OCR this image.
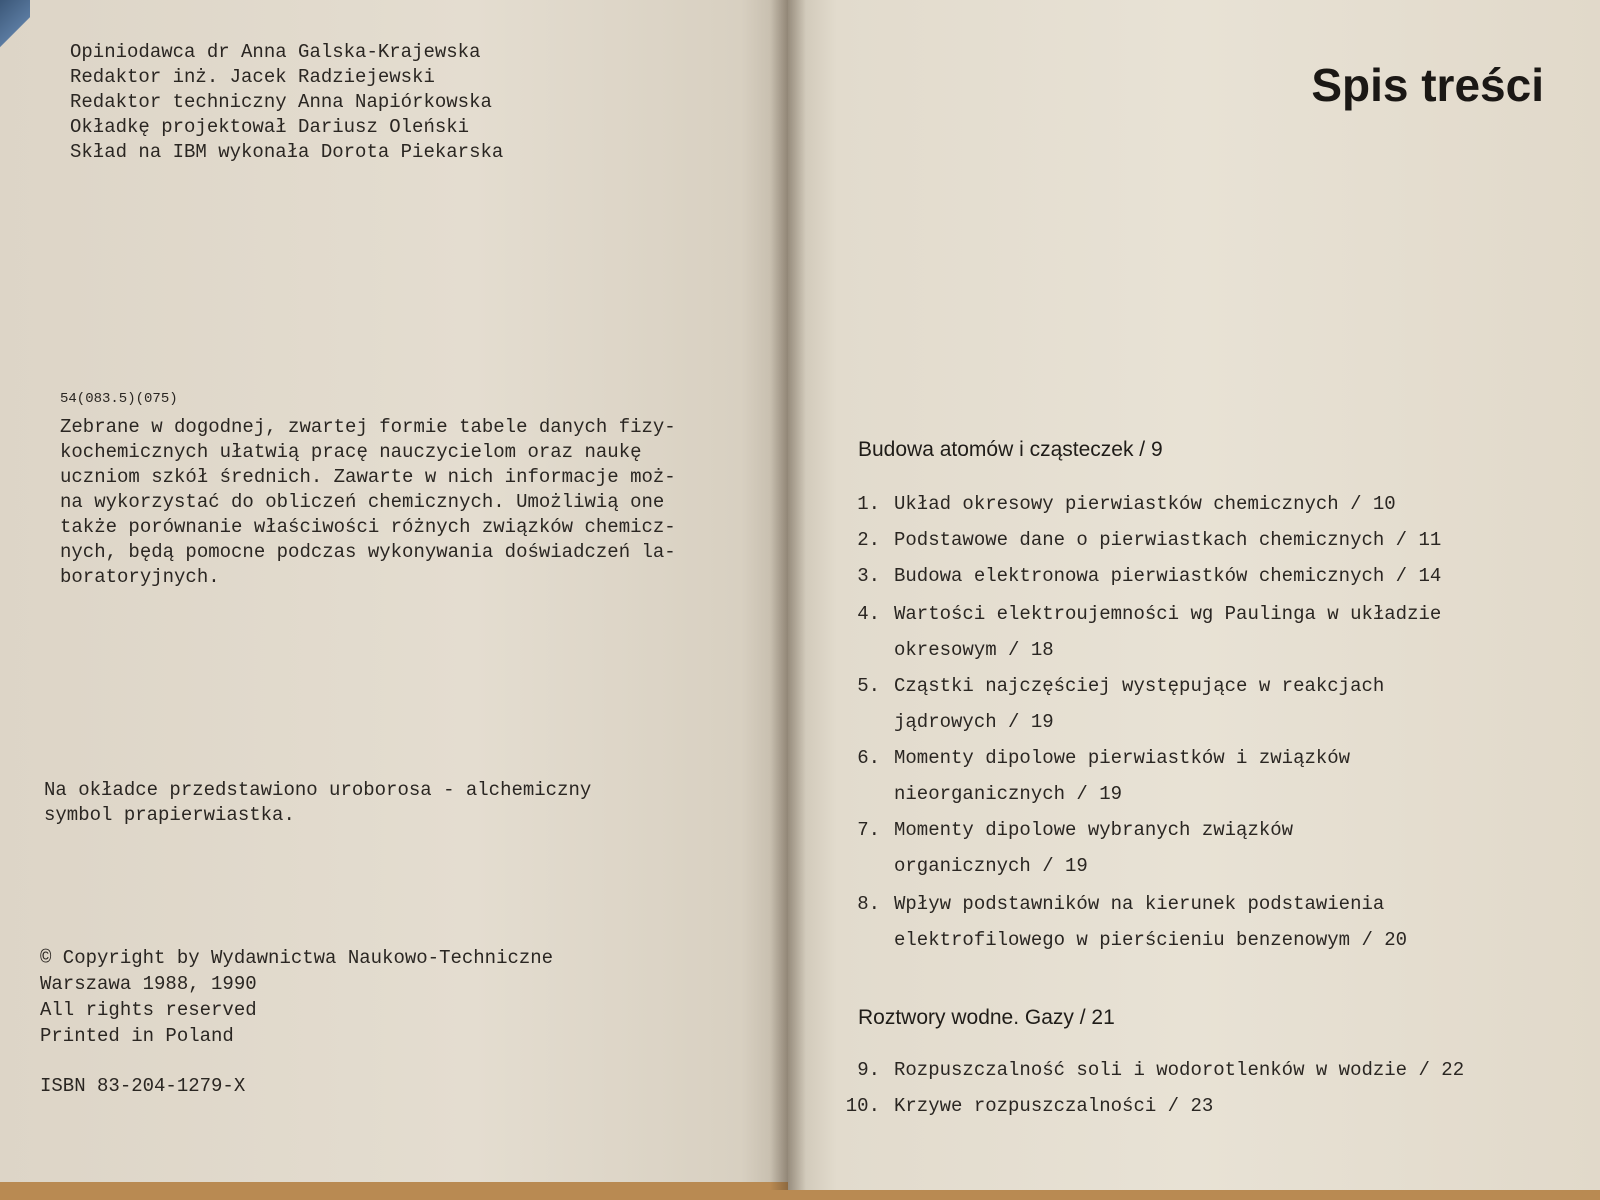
Opiniodawca dr Anna Galska-Krajewska
Redaktor inż. Jacek Radziejewski
Redaktor techniczny Anna Napiórkowska
Okładkę projektował Dariusz Oleński
Skład na IBM wykonała Dorota Piekarska
54(083.5)(075)
Zebrane w dogodnej, zwartej formie tabele danych fizy-
kochemicznych ułatwią pracę nauczycielom oraz naukę
uczniom szkół średnich. Zawarte w nich informacje moż-
na wykorzystać do obliczeń chemicznych. Umożliwią one
także porównanie właściwości różnych związków chemicz-
nych, będą pomocne podczas wykonywania doświadczeń la-
boratoryjnych.
Na okładce przedstawiono uroborosa - alchemiczny
symbol prapierwiastka.
© Copyright by Wydawnictwa Naukowo-Techniczne
Warszawa 1988, 1990
All rights reserved
Printed in Poland
ISBN 83-204-1279-X
Spis treści
Budowa atomów i cząsteczek / 9
1. Układ okresowy pierwiastków chemicznych / 10
2. Podstawowe dane o pierwiastkach chemicznych / 11
3. Budowa elektronowa pierwiastków chemicznych / 14
4. Wartości elektroujemności wg Paulinga w układzie
okresowym / 18
5. Cząstki najczęściej występujące w reakcjach
jądrowych / 19
6. Momenty dipolowe pierwiastków i związków
nieorganicznych / 19
7. Momenty dipolowe wybranych związków
organicznych / 19
8. Wpływ podstawników na kierunek podstawienia
elektrofilowego w pierścieniu benzenowym / 20
Roztwory wodne. Gazy / 21
9. Rozpuszczalność soli i wodorotlenków w wodzie / 22
10. Krzywe rozpuszczalności / 23
